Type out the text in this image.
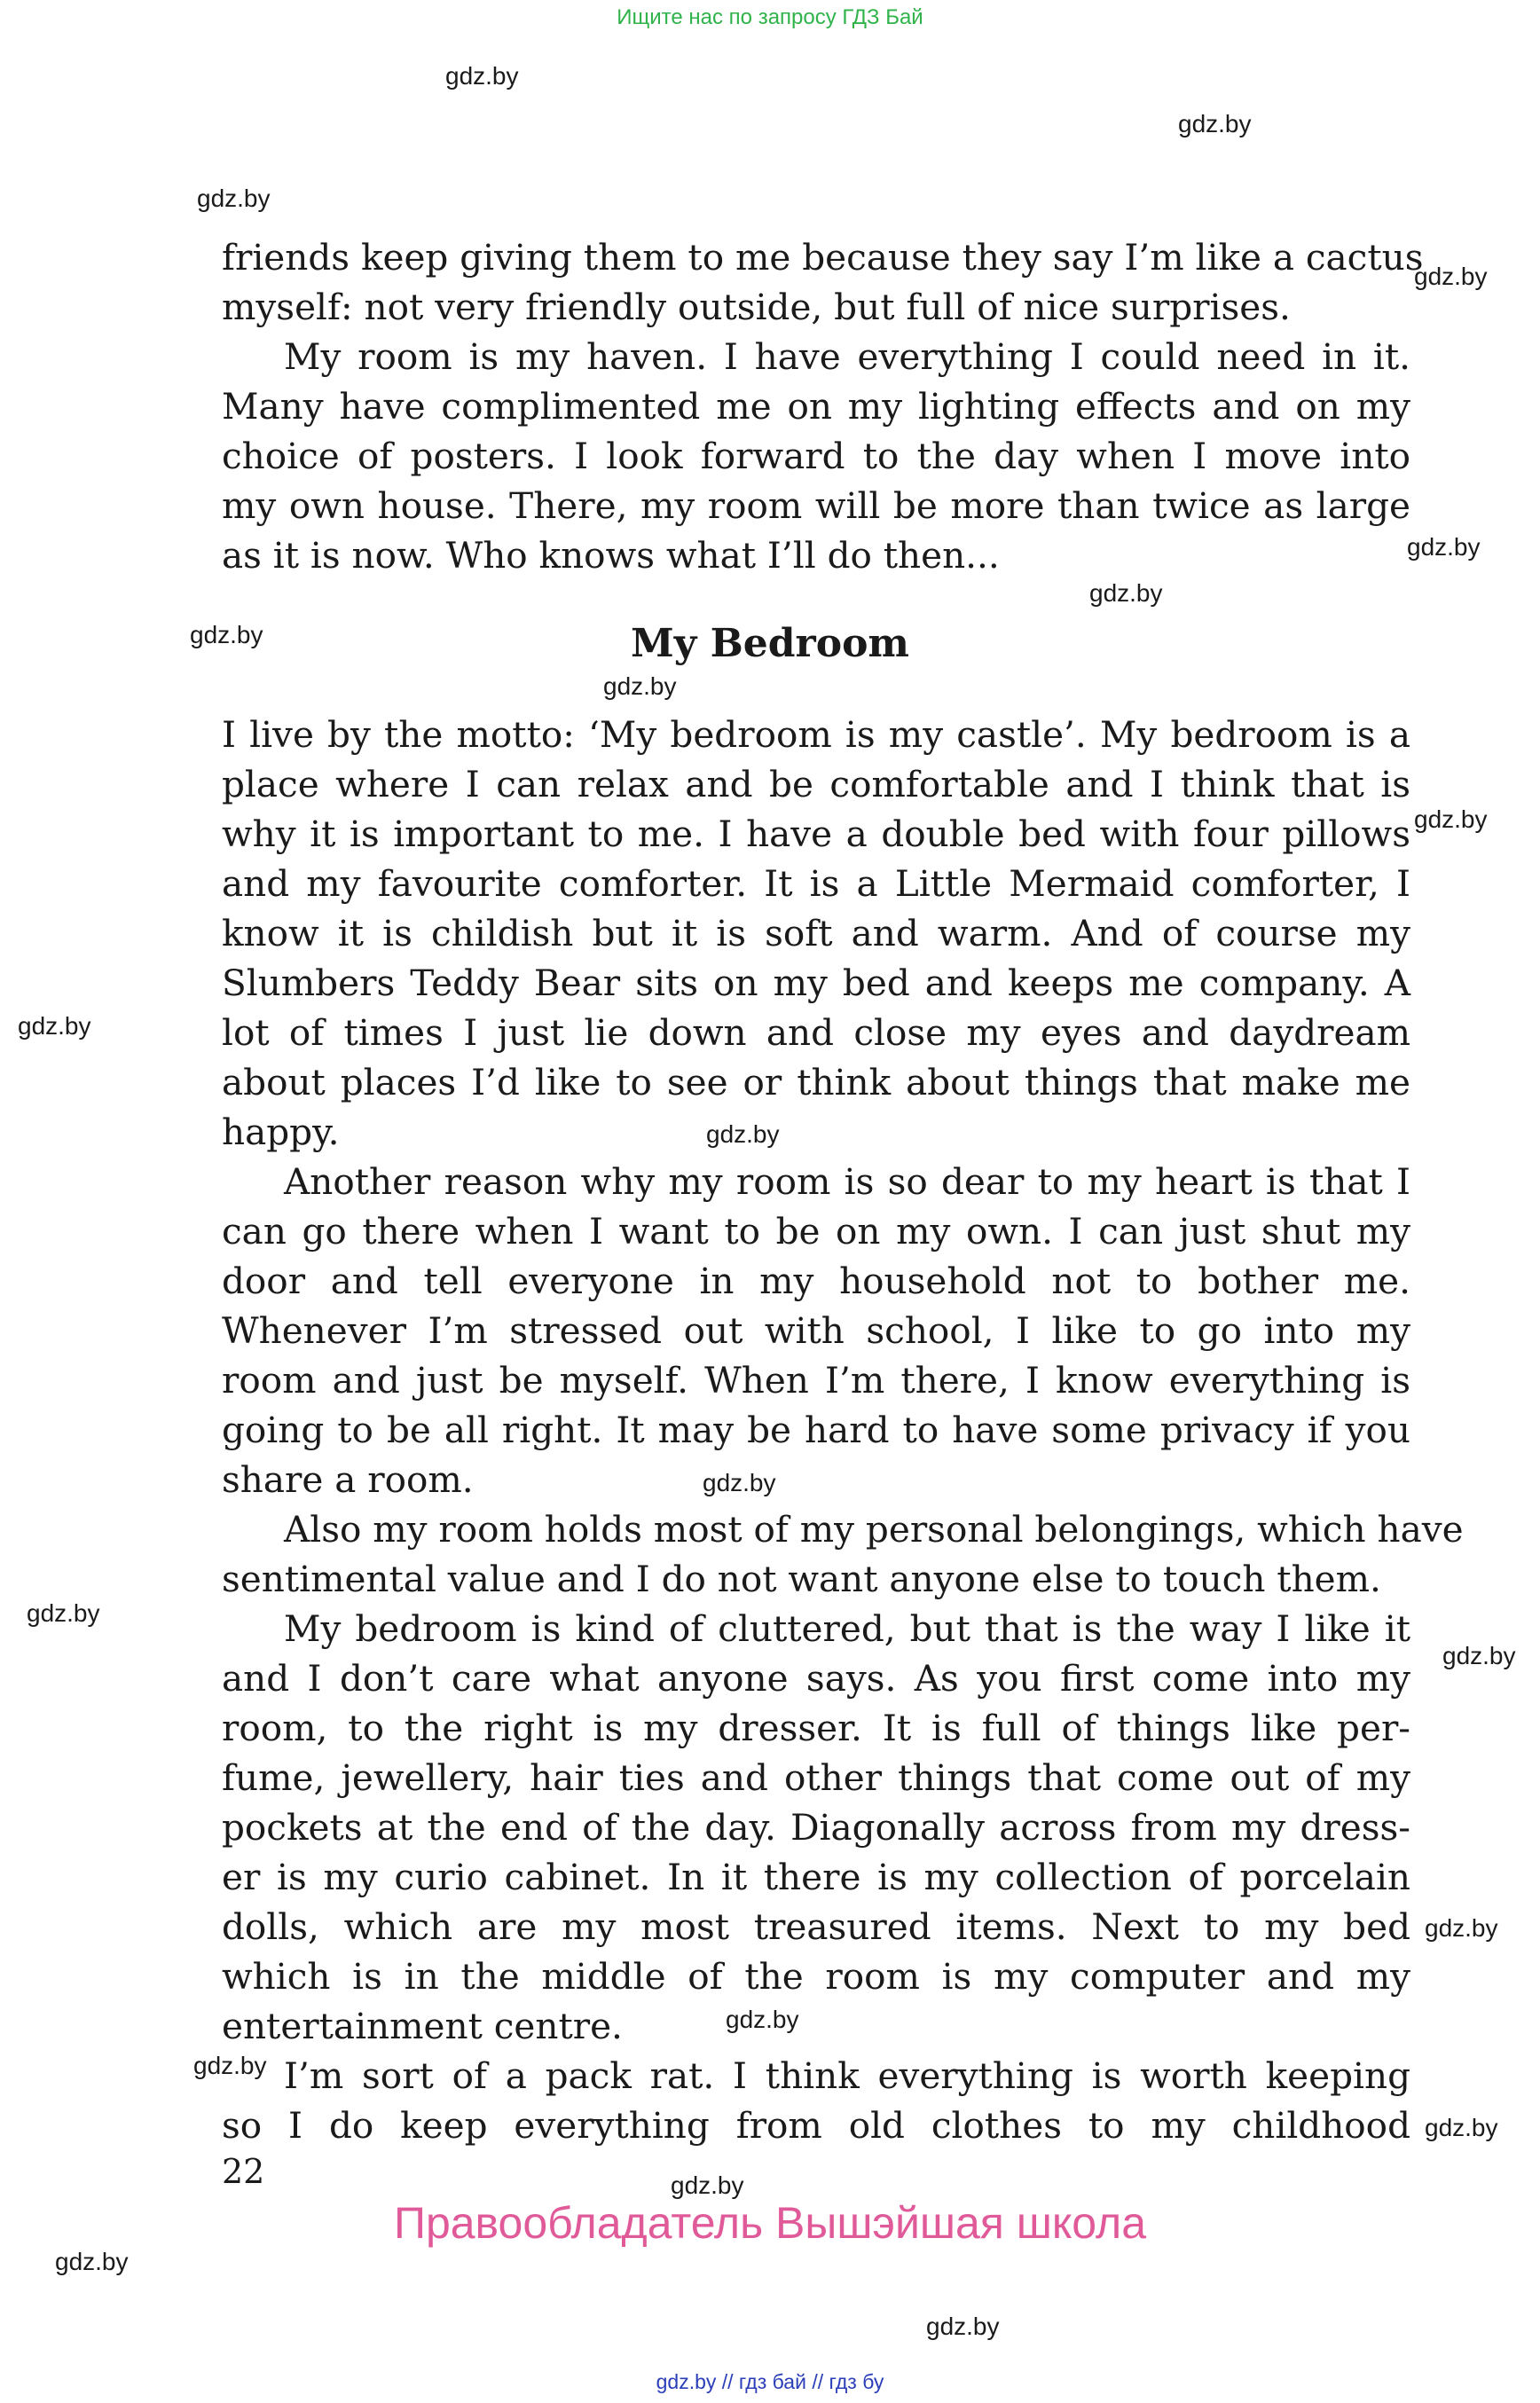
Ищите нас по запросу ГДЗ Бай
gdz.by
gdz.by
gdz.by
gdz.by
gdz.by
gdz.by
gdz.by
gdz.by
gdz.by
gdz.by
gdz.by
gdz.by
gdz.by
gdz.by
gdz.by
gdz.by
gdz.by
gdz.by
gdz.by
gdz.by
gdz.by
friends keep giving them to me because they say I’m like a cactus
myself: not very friendly outside, but full of nice surprises.
My room is my haven. I have everything I could need in it.
Many have complimented me on my lighting effects and on my
choice of posters. I look forward to the day when I move into
my own house. There, my room will be more than twice as large
as it is now. Who knows what I’ll do then...
My Bedroom
I live by the motto: ‘My bedroom is my castle’. My bedroom is a
place where I can relax and be comfortable and I think that is
why it is important to me. I have a double bed with four pillows
and my favourite comforter. It is a Little Mermaid comforter, I
know it is childish but it is soft and warm. And of course my
Slumbers Teddy Bear sits on my bed and keeps me company. A
lot of times I just lie down and close my eyes and daydream
about places I’d like to see or think about things that make me
happy.
Another reason why my room is so dear to my heart is that I
can go there when I want to be on my own. I can just shut my
door and tell everyone in my household not to bother me.
Whenever I’m stressed out with school, I like to go into my
room and just be myself. When I’m there, I know everything is
going to be all right. It may be hard to have some privacy if you
share a room.
Also my room holds most of my personal belongings, which have
sentimental value and I do not want anyone else to touch them.
My bedroom is kind of cluttered, but that is the way I like it
and I don’t care what anyone says. As you first come into my
room, to the right is my dresser. It is full of things like per-
fume, jewellery, hair ties and other things that come out of my
pockets at the end of the day. Diagonally across from my dress-
er is my curio cabinet. In it there is my collection of porcelain
dolls, which are my most treasured items. Next to my bed
which is in the middle of the room is my computer and my
entertainment centre.
I’m sort of a pack rat. I think everything is worth keeping
so I do keep everything from old clothes to my childhood
22
Правообладатель Вышэйшая школа
gdz.by // гдз бай // гдз бу
